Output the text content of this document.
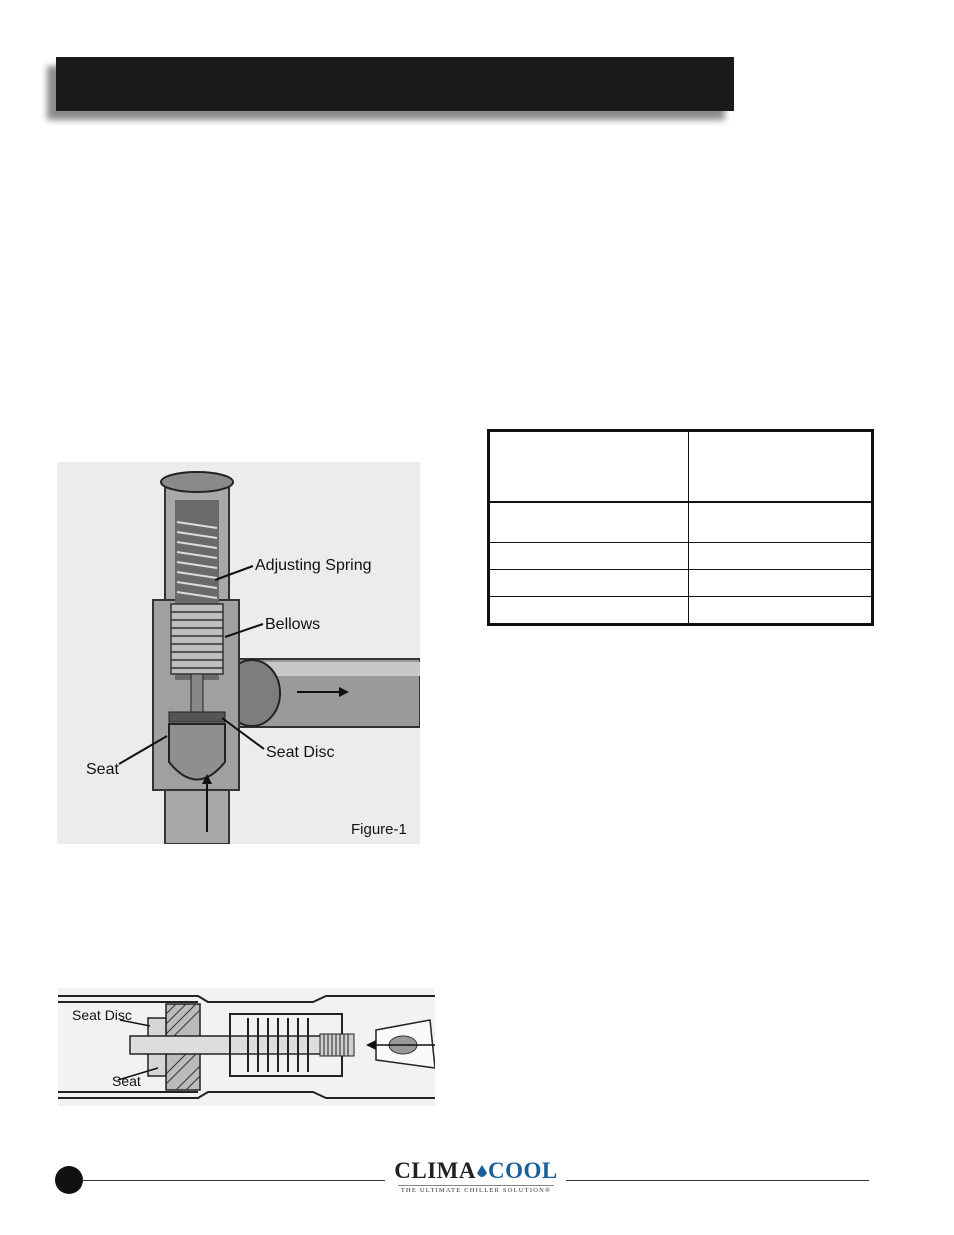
Adjusting Spring
Bellows
Seat Disc
Seat
Figure-1

Seat Disc
Seat
CLIMA COOL
THE ULTIMATE CHILLER SOLUTION®
